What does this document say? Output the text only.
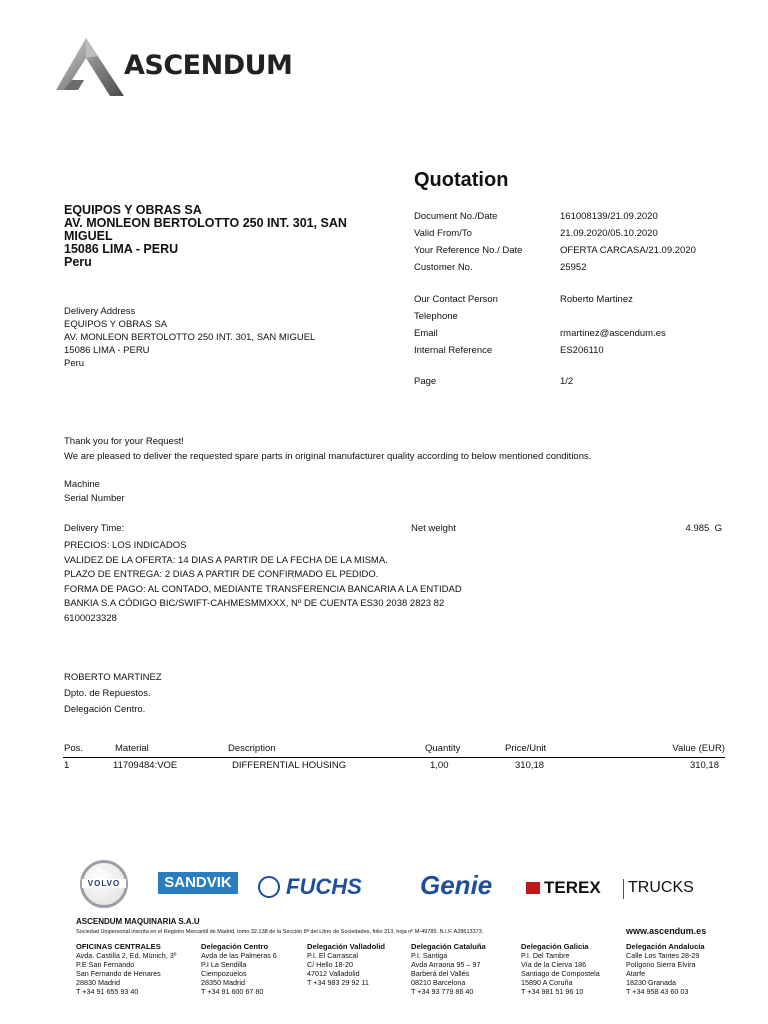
ASCENDUM
Quotation
EQUIPOS Y OBRAS SA
AV. MONLEON BERTOLOTTO 250 INT. 301, SAN
MIGUEL
15086 LIMA - PERU
Peru
Delivery Address
EQUIPOS Y OBRAS SA
AV. MONLEON BERTOLOTTO 250 INT. 301, SAN MIGUEL
15086 LIMA - PERU
Peru
Document No./Date	161008139/21.09.2020
Valid From/To	21.09.2020/05.10.2020
Your Reference No./ Date	OFERTA CARCASA/21.09.2020
Customer No.	25952
Our Contact Person	Roberto Martinez
Telephone
Email	rmartinez@ascendum.es
Internal Reference	ES206110
Page	1/2
Thank you for your Request!
We are pleased to deliver the requested spare parts in original manufacturer quality according to below mentioned conditions.
Machine
Serial Number
Delivery Time:	Net weight	4.985  G
PRECIOS: LOS INDICADOS
VALIDEZ DE LA OFERTA: 14 DIAS A PARTIR DE LA FECHA DE LA MISMA.
PLAZO DE ENTREGA: 2 DIAS A PARTIR DE CONFIRMADO EL PEDIDO.
FORMA DE PAGO: AL CONTADO, MEDIANTE TRANSFERENCIA BANCARIA A LA ENTIDAD
BANKIA S.A CÓDIGO BIC/SWIFT-CAHMESMMXXX, Nº DE CUENTA ES30 2038 2823 82
6100023328
ROBERTO MARTINEZ
Dpto. de Repuestos.
Delegación Centro.
Pos.	Material	Description	Quantity	Price/Unit	Value (EUR)
1	11709484:VOE	DIFFERENTIAL HOUSING	1,00	310,18	310,18
VOLVO	SANDVIK FUCHS Genie	TEREX TRUCKS
ASCENDUM MAQUINARIA S.A.U
Sociedad Unipersonal inscrita en el Registro Mercantil de Madrid, tomo 32.138 de la Sección 8ª del Libro de Sociedades, folio 213, hoja nº M-49785. N.I.F. A28613373.	www.ascendum.es
OFICINAS CENTRALES
Avda. Castilla 2, Ed. Munich, 3º
P.E San Fernando
San Fernando de Henares
28830 Madrid
T +34 91 655 93 40
Delegación Centro
Avda de las Palmeras 6
P.I La Sendilla
Ciempozuelos
28350 Madrid
T +34 91 600 67 80
Delegación Valladolid
P.I. El Carrascal
C/ Hello 18-20
47012 Valladolid
T +34 983 29 92 11
Delegación Cataluña
P.I. Santiga
Avda Arraona 95 – 97
Barberá del Vallés
08210 Barcelona
T +34 93 779 86 40
Delegación Galicia
P.I. Del Tambre
Vía de la Cierva 186
Santiago de Compostela
15890 A Coruña
T +34 981 51 96 10
Delegación Andalucía
Calle Los Tantes 28-29
Polígono Sierra Elvira
Atarfe
18230 Granada
T +34 958 43 60 03
